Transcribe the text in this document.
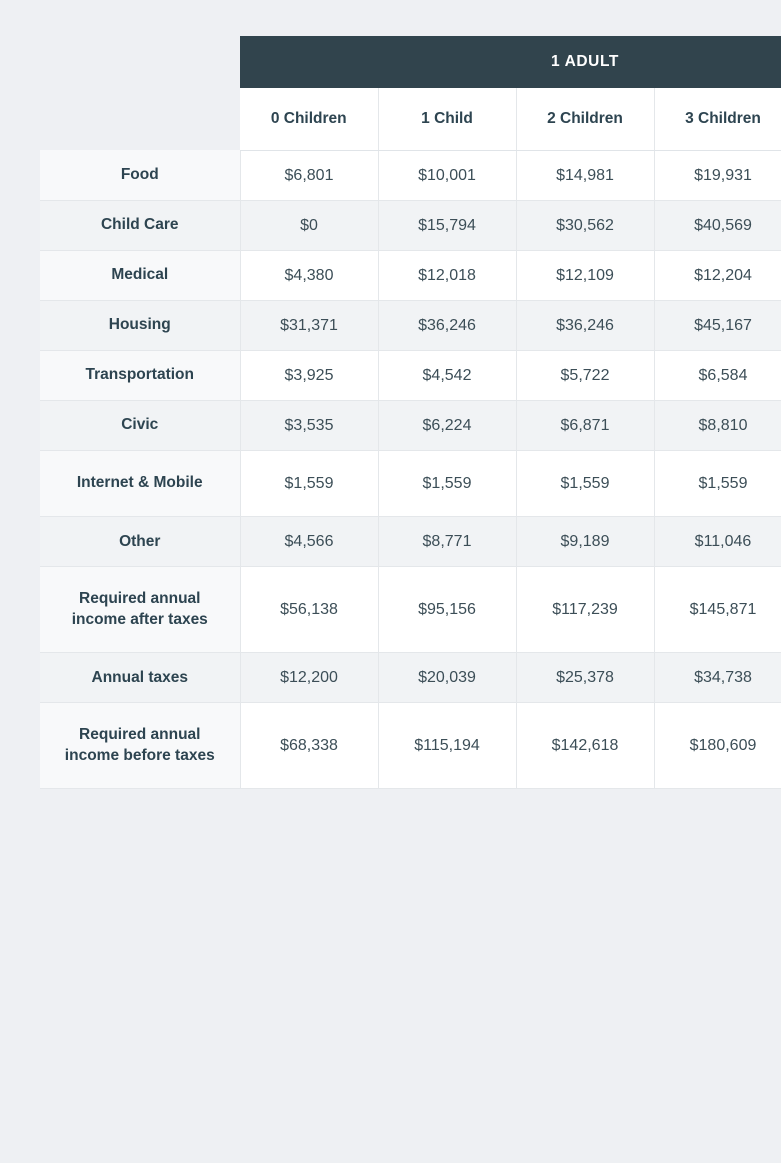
	1 ADULT				
	0 Children	1 Child	2 Children	3 Children	
Food	$6,801	$10,001	$14,981	$19,931	
Child Care	$0	$15,794	$30,562	$40,569	
Medical	$4,380	$12,018	$12,109	$12,204	
Housing	$31,371	$36,246	$36,246	$45,167	
Transportation	$3,925	$4,542	$5,722	$6,584	
Civic	$3,535	$6,224	$6,871	$8,810	
Internet & Mobile	$1,559	$1,559	$1,559	$1,559	
Other	$4,566	$8,771	$9,189	$11,046	
Required annual income after taxes	$56,138	$95,156	$117,239	$145,871	
Annual taxes	$12,200	$20,039	$25,378	$34,738	
Required annual income before taxes	$68,338	$115,194	$142,618	$180,609	
